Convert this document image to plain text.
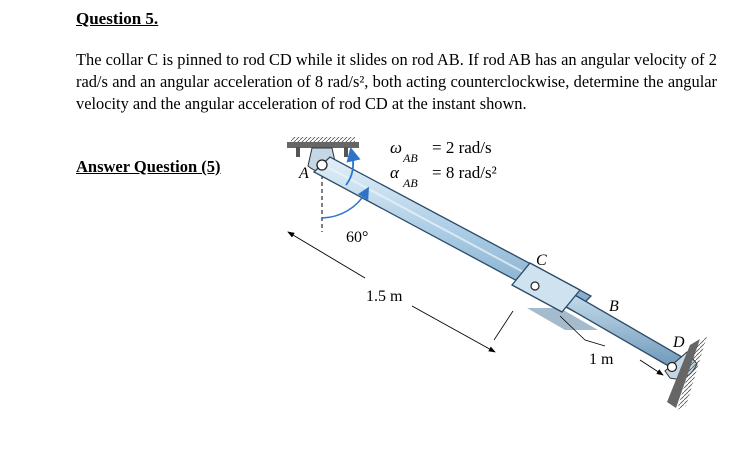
Question 5.

The collar C is pinned to rod CD while it slides on rod AB. If rod AB has an angular velocity of 2 rad/s and an angular acceleration of 8 rad/s², both acting counterclockwise, determine the angular velocity and the angular acceleration of rod CD at the instant shown.

Answer Question (5)	A
C
B
D
60°
1.5 m
1 m
ω
AB
= 2 rad/s
α
AB
= 8 rad/s²
